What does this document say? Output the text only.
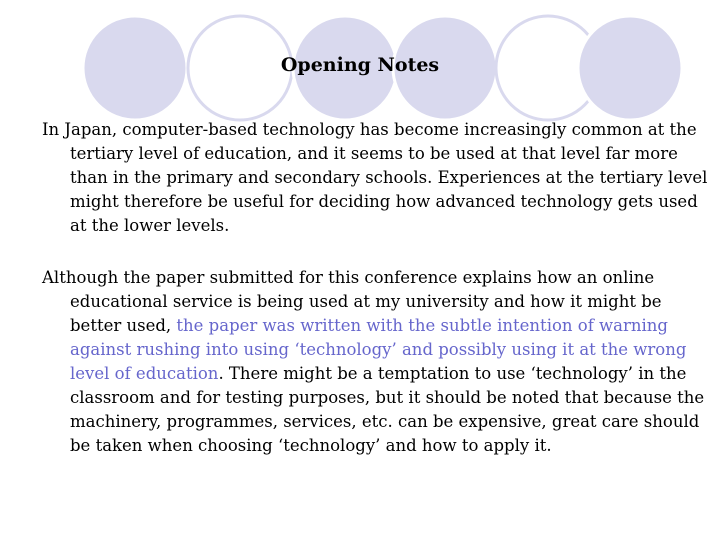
Opening Notes
In Japan, computer-based technology has become increasingly common at the tertiary level of education, and it seems to be used at that level far more than in the primary and secondary schools. Experiences at the tertiary level might therefore be useful for deciding how advanced technology gets used at the lower levels.
Although the paper submitted for this conference explains how an online educational service is being used at my university and how it might be better used, the paper was written with the subtle intention of warning against rushing into using ‘technology’ and possibly using it at the wrong level of education. There might be a temptation to use ‘technology’ in the classroom and for testing purposes, but it should be noted that because the machinery, programmes, services, etc. can be expensive, great care should be taken when choosing ‘technology’ and how to apply it.
